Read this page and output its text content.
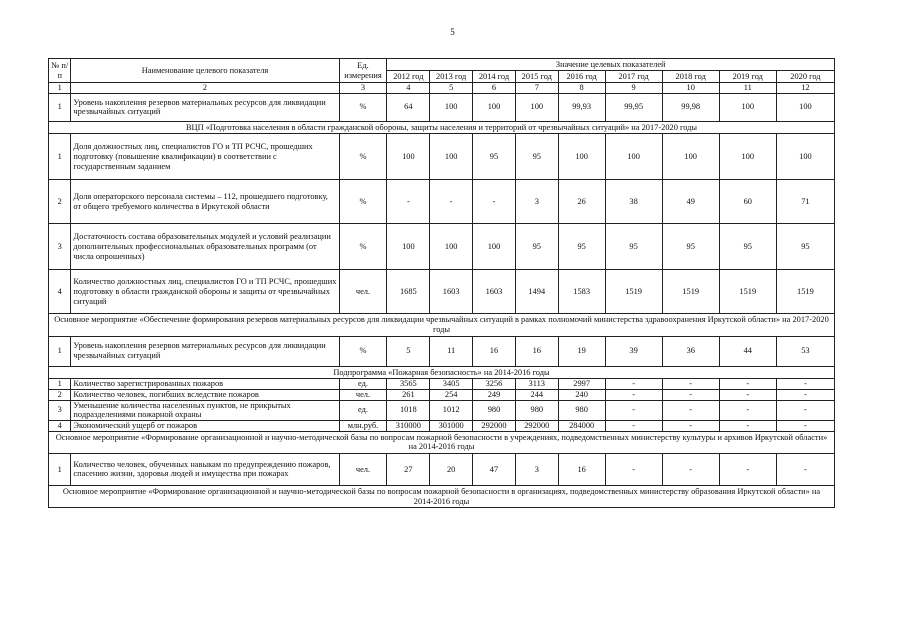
5
№ п/п	Наименование целевого показателя	Ед. измерения	Значение целевых показателей								
			2012 год	2013 год	2014 год	2015 год	2016 год	2017 год	2018 год	2019 год	2020 год
1	2	3	4	5	6	7	8	9	10	11	12
1	Уровень накопления резервов материальных ресурсов для ликвидации чрезвычайных ситуаций	%	64	100	100	100	99,93	99,95	99,98	100	100
ВЦП «Подготовка населения в области гражданской обороны, защиты населения и территорий от чрезвычайных ситуаций» на 2017-2020 годы											
1	Доля должностных лиц, специалистов ГО и ТП РСЧС, прошедших подготовку (повышение квалификации) в соответствии с государственным заданием	%	100	100	95	95	100	100	100	100	100
2	Доля операторского персонала системы – 112, прошедшего подготовку, от общего требуемого количества в Иркутской области	%	-	-	-	3	26	38	49	60	71
3	Достаточность состава образовательных модулей и условий реализации дополнительных профессиональных образовательных программ (от числа опрошенных)	%	100	100	100	95	95	95	95	95	95
4	Количество должностных лиц, специалистов ГО и ТП РСЧС, прошедших подготовку в области гражданской обороны и защиты от чрезвычайных ситуаций	чел.	1685	1603	1603	1494	1583	1519	1519	1519	1519
Основное мероприятие «Обеспечение формирования резервов материальных ресурсов для ликвидации чрезвычайных ситуаций в рамках полномочий министерства здравоохранения Иркутской области» на 2017-2020 годы											
1	Уровень накопления резервов материальных ресурсов для ликвидации чрезвычайных ситуаций	%	5	11	16	16	19	39	36	44	53
Подпрограмма «Пожарная безопасность» на 2014-2016 годы											
1	Количество зарегистрированных пожаров	ед.	3565	3405	3256	3113	2997	-	-	-	-
2	Количество человек, погибших вследствие пожаров	чел.	261	254	249	244	240	-	-	-	-
3	Уменьшение количества населенных пунктов, не прикрытых подразделениями пожарной охраны	ед.	1018	1012	980	980	980	-	-	-	-
4	Экономический ущерб от пожаров	млн.руб.	310000	301000	292000	292000	284000	-	-	-	-
Основное мероприятие «Формирование организационной и научно-методической базы по вопросам пожарной безопасности в учреждениях, подведомственных министерству культуры и архивов Иркутской области» на 2014-2016 годы											
1	Количество человек, обученных навыкам по предупреждению пожаров, спасению жизни, здоровья людей и имущества при пожарах	чел.	27	20	47	3	16	-	-	-	-
Основное мероприятие «Формирование организационной и научно-методической базы по вопросам пожарной безопасности в организациях, подведомственных министерству образования Иркутской области» на 2014-2016 годы											
